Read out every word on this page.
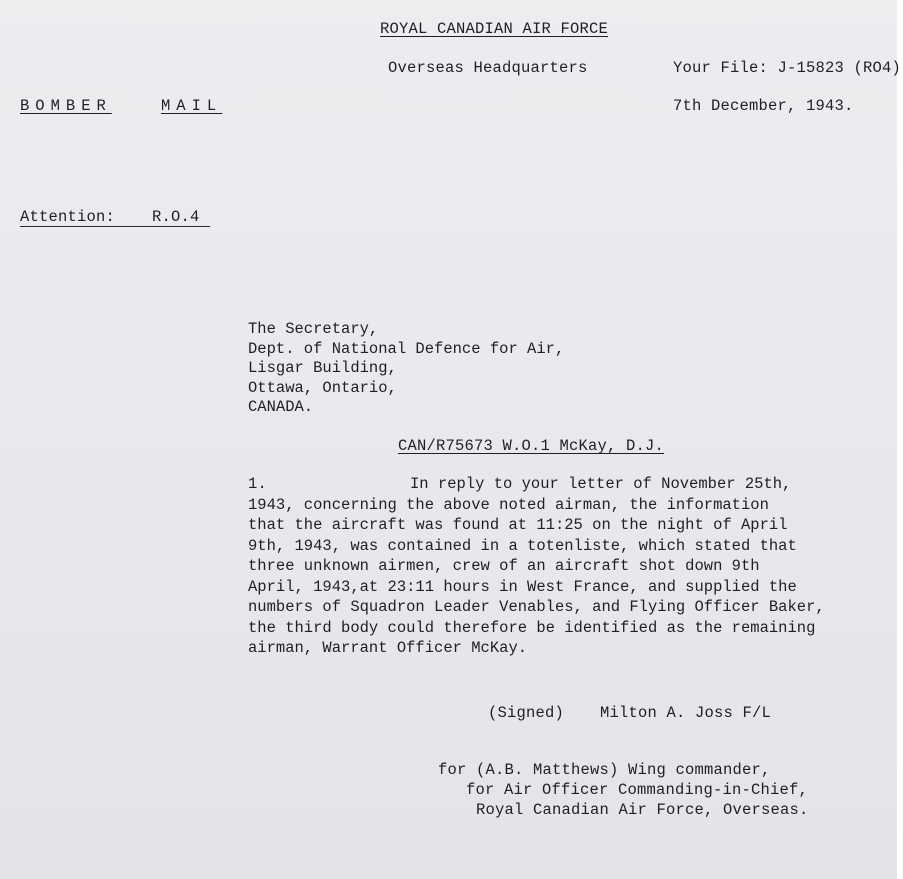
ROYAL CANADIAN AIR FORCE
Overseas Headquarters	Your File: J-15823 (RO4)
7th December, 1943.
BOMBER	MAIL
Attention: R.O.4
The Secretary,
Dept. of National Defence for Air,
Lisgar Building,
Ottawa, Ontario,
CANADA.
CAN/R75673 W.O.1 McKay, D.J.
1.	In reply to your letter of November 25th,
1943, concerning the above noted airman, the information
that the aircraft was found at 11:25 on the night of April
9th, 1943, was contained in a totenliste, which stated that
three unknown airmen, crew of an aircraft shot down 9th
April, 1943,at 23:11 hours in West France, and supplied the
numbers of Squadron Leader Venables, and Flying Officer Baker,
the third body could therefore be identified as the remaining
airman, Warrant Officer McKay.
(Signed) Milton A. Joss F/L
for (A.B. Matthews) Wing commander,
for Air Officer Commanding-in-Chief,
Royal Canadian Air Force, Overseas.
